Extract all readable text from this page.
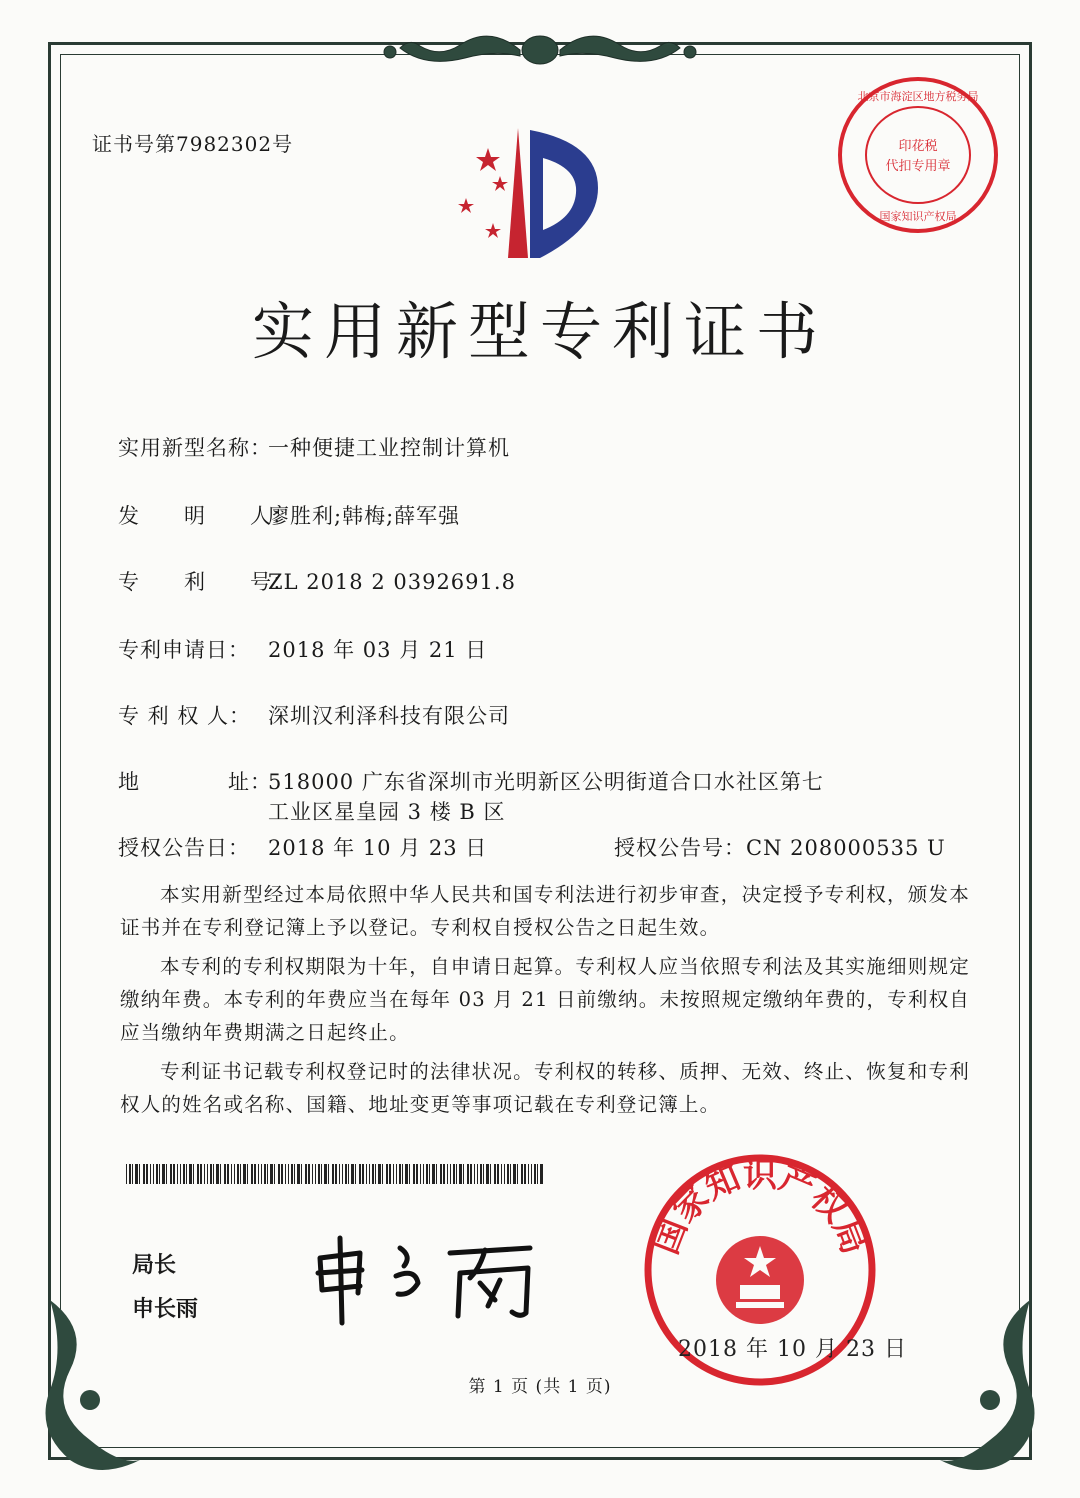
证书号第7982302号	印花税
代扣专用章
北京市海淀区地方税务局
国家知识产权局
实用新型专利证书
实用新型名称：一种便捷工业控制计算机
发　　明　　人：廖胜利;韩梅;薛军强
专　　利　　号：ZL 2018 2 0392691.8
专利申请日： 2018 年 03 月 21 日
专 利 权 人： 深圳汉利泽科技有限公司
地　　　　址：518000 广东省深圳市光明新区公明街道合口水社区第七
工业区星皇园 3 楼 B 区
授权公告日： 2018 年 10 月 23 日	授权公告号：CN 208000535 U

本实用新型经过本局依照中华人民共和国专利法进行初步审查，决定授予专利权，颁发本证书并在专利登记簿上予以登记。专利权自授权公告之日起生效。

本专利的专利权期限为十年，自申请日起算。专利权人应当依照专利法及其实施细则规定缴纳年费。本专利的年费应当在每年 03 月 21 日前缴纳。未按照规定缴纳年费的，专利权自应当缴纳年费期满之日起终止。

专利证书记载专利权登记时的法律状况。专利权的转移、质押、无效、终止、恢复和专利权人的姓名或名称、国籍、地址变更等事项记载在专利登记簿上。

局长
申长雨
国家知识产权局
2018 年 10 月 23 日
第 1 页 (共 1 页)
